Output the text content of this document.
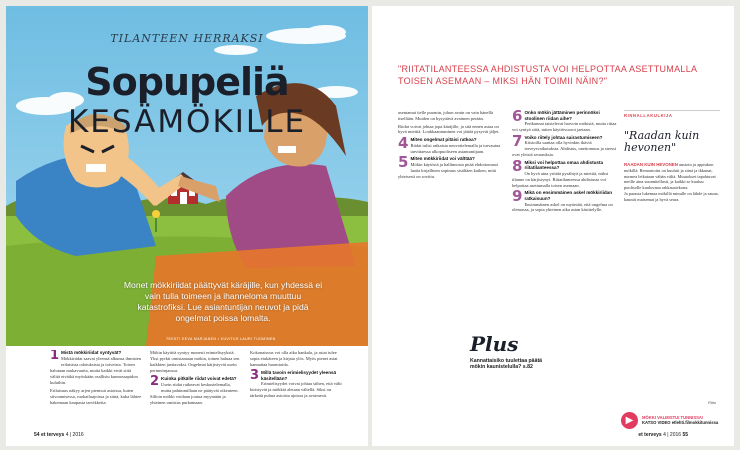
TILANTEEN HERRAKSI
Sopupeliä
KESÄMÖKILLE
Monet mökkiriidat päättyvät käräjille, kun yhdessä ei vain tulla toimeen ja ihanneloma muuttuu katastrofiksi. Lue asiantuntijan neuvot ja pidä ongelmat poissa lomalta.
TEKSTI EEVA MARJANEN • KUVITUS LAURI TUOMINEN
1 Mistä mökkiriidat syntyvät?

Mökkiriidat saavat yleensä alkunsa ihmisten erilaisista odotuksista ja toiveista. Toisen halutaan mukavuutta, mutta kaikki eivät siitä välitä eivätkä myöskään osallistu kunnossapidon kuluihin.

Erilaisuus näkyy arjen pienissä asioissa, kuten siivoamisessa, ruokailuajoissa ja siinä, kuka lähtee hakemaan kaupasta tarvikkeita.

Mökin käyttöä syntyy monesti erimielisyyksiä. Yksi pyrkii omistamaan mökin, toinen haluaa sen kaikkien jaettavaksi. Ongelmat kärjistyvät usein perinnönjaossa.

2 Kuinka pitkälle riidat voivat edetä?

Usein riidat ratkeavat keskustelemalla, mutta pahimmillaan ne päätyvät oikeuteen. Silloin mökki voidaan joutua myymään ja yhteinen omistus purkamaan.

Kokonaisuus voi olla aika hankala, ja asiat tulee sopia etukäteen ja kirjata ylös. Myös pienet asiat kannattaa huomioida.

3 Millä tavoin erimielisyydet yleensä käsitellään?

Erimielisyydet voivat johtaa siihen, että välit kiristyvät ja mökkiä aletaan vältellä. Siksi on tärkeää puhua asioista ajoissa ja avoimesti.

54 et terveys 4 | 2016
"RIITATILANTEESSA AHDISTUSTA VOI HELPOTTAA ASETTUMALLA TOISEN ASEMAAN – MIKSI HÄN TOIMII NÄIN?"

asentamat tielle puomin, johon avain on vain hänellä itsellään. Muiden on kysyttävä avaimen perään.

Riidat voivat johtaa jopa käräjille, ja sitä ennen asiaa on hyvä miettiä. Loukkaantuminen voi jättää pysyvät jäljet.

4 Miten ongelmat pitäisi ratkoa?

Riidat tulisi ratkaista neuvottelemalla ja turvautua tarvittaessa ulkopuoliseen asiantuntijaan.

5 Miten mökkiriidat voi välttää?

Mökin käytöstä ja hallinnosta pitää ehdottomasti laatia kirjallinen sopimus sisältäen kaiken, mitä yhteisesti on sovittu.

6 Onko mökin jättäminen perinnöksi stoolinen riidan aihe?

Perikunnat taistelevat harvoin mökistä, mutta riitaa voi syntyä siitä, miten käyttövuorot jaetaan.

7 Voiko riitely johtaa sairastumiseen?

Kiistoilla saattaa olla hyvinkin ikäviä terveysvaikutuksia. Ahdistus, unettomuus ja stressi ovat yleisiä seurauksia.

8 Miksi voi helpottaa omaa ahdistusta riitatilanteessa?

On hyvä aina yrittää pysähtyä ja miettiä, miksi tilanne on kärjistynyt. Riitatilanteessa ahdistusta voi helpottaa asettumalla toisen asemaan.

9 Mikä on ensimmäinen askel mökkiriidan ratkaisuun?

Ensimmäinen askel on myöntää, että ongelma on olemassa, ja sopia yhteinen aika asian käsittelylle.

Plus
Kannattaisiko tuulettaa päätä mökin kaunistelulla? s.82
RINNALLAKULKIJA
"Raadan kuin hevonen"
RAADAN KUIN HEVONEN ansioin ja appiukon mökillä. Remontoitu on kuuluit ja siinä ja ikkunat, nurmea leikataan vähän väliä. Muutokset tapahtuvat meille aina suunnitellusti, ja kaikki se kuuluu puolisolle kuuluvana rakkaustekona.

Ja parasta lukemaa mökillä minulle on lähde ja sauna, kauniit maisemat ja hyvä seura.

Riitu
▶	MÖKKI VALMISTUI TUNNISSA!
KATSO VIDEO etlehti.fi/mokkitunnissa
et terveys 4 | 2016 55
